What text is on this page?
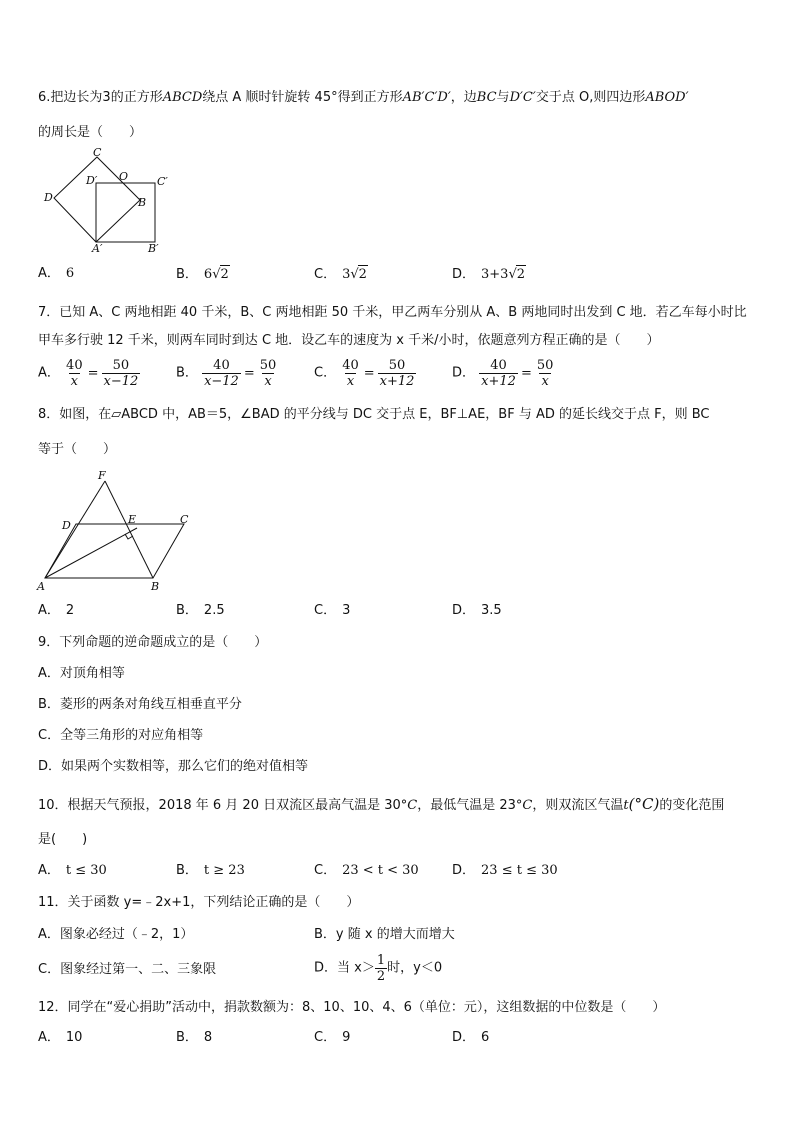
6.把边长为3的正方形ABCD绕点 A 顺时针旋转 45°得到正方形AB′C′D′，边BC与D′C′交于点 O,则四边形ABOD′
的周长是（　　）
C
D′ O	C′
D	B
A′	B′
A． 6	B． 6√2	C． 3√2	D． 3+3√2
7．已知 A、C 两地相距 40 千米，B、C 两地相距 50 千米，甲乙两车分别从 A、B 两地同时出发到 C 地．若乙车每小时比
甲车多行驶 12 千米，则两车同时到达 C 地．设乙车的速度为 x 千米/小时，依题意列方程正确的是（　　）
A． $\frac{40}{x} = \frac{50}{x-12}$	B． $\frac{40}{x-12} = \frac{50}{x}$	C． $\frac{40}{x} = \frac{50}{x+12}$	D． $\frac{40}{x+12} = \frac{50}{x}$
8．如图，在▱ABCD 中，AB＝5，∠BAD 的平分线与 DC 交于点 E，BF⊥AE，BF 与 AD 的延长线交于点 F，则 BC
等于（　　）
F
D	E	C
A	B
A． 2	B． 2.5	C． 3	D． 3.5
9．下列命题的逆命题成立的是（　　）
A．对顶角相等
B．菱形的两条对角线互相垂直平分
C．全等三角形的对应角相等
D．如果两个实数相等，那么它们的绝对值相等
10．根据天气预报，2018 年 6 月 20 日双流区最高气温是 30°C，最低气温是 23°C，则双流区气温t(°C)的变化范围
是(　　)
A． t ≤ 30	B． t ≥ 23	C． 23 < t < 30	D． 23 ≤ t ≤ 30
11．关于函数 y=﹣2x+1，下列结论正确的是（　　）
A．图象必经过（﹣2，1）	B．y 随 x 的增大而增大
C．图象经过第一、二、三象限	D．当 $x> \frac{1}{2}$ 时，y＜0
12．同学在“爱心捐助”活动中，捐款数额为：8、10、10、4、6（单位：元），这组数据的中位数是（　　）
A． 10	B． 8	C． 9	D． 6
